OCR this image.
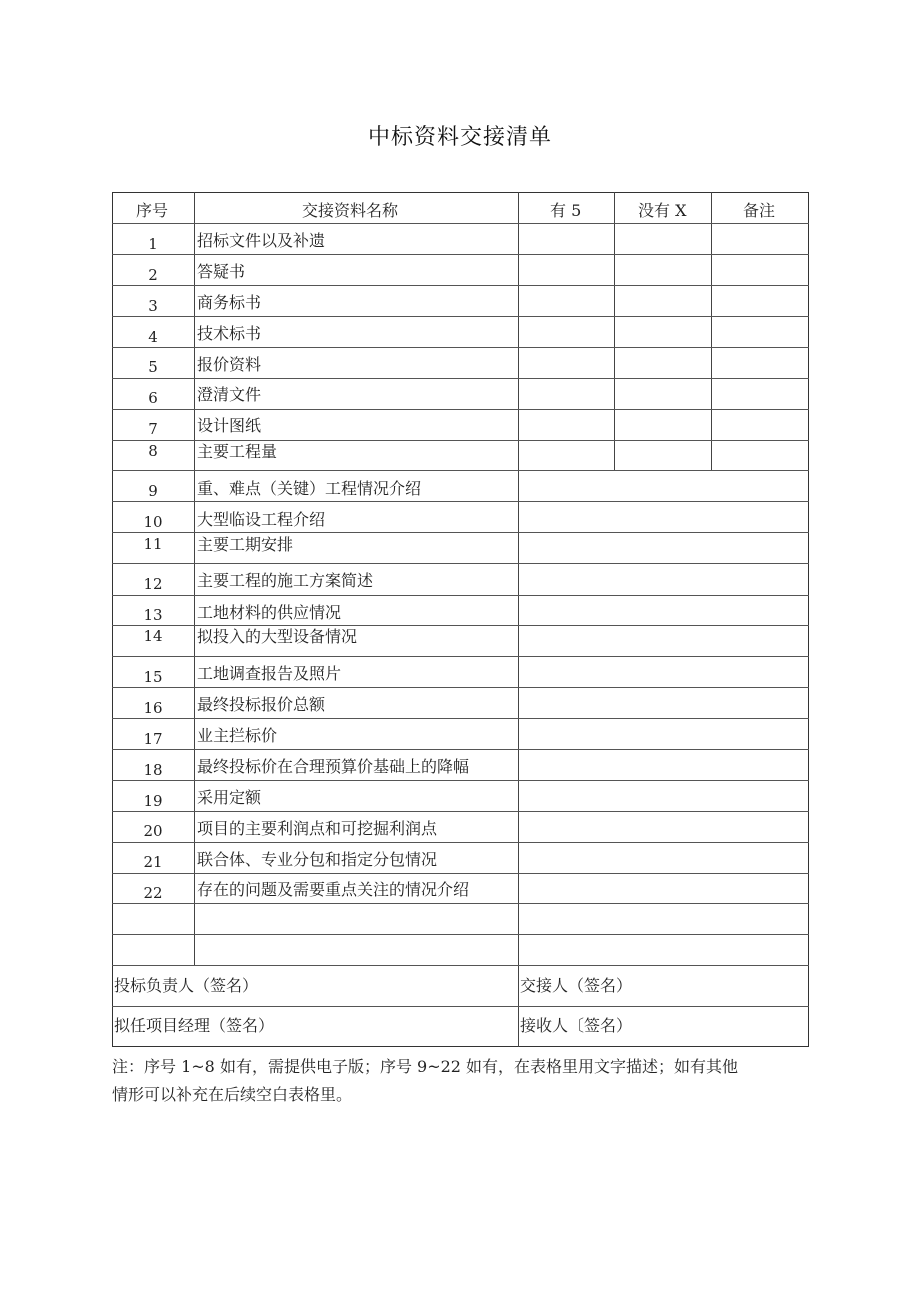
中标资料交接清单
序号	交接资料名称	有 5	没有 X	备注
1	招标文件以及补遗
2	答疑书
3	商务标书
4	技术标书
5	报价资料
6	澄清文件
7	设计图纸
8	主要工程量
9	重、难点（关键）工程情况介绍
10	大型临设工程介绍
11	主要工期安排
12	主要工程的施工方案简述
13	工地材料的供应情况
14	拟投入的大型设备情况
15	工地调查报告及照片
16	最终投标报价总额
17	业主拦标价
18	最终投标价在合理预算价基础上的降幅
19	采用定额
20	项目的主要利润点和可挖掘利润点
21	联合体、专业分包和指定分包情况
22	存在的问题及需要重点关注的情况介绍
投标负责人（签名）	交接人（签名）
拟任项目经理（签名）	接收人〔签名）
注：序号 1~8 如有，需提供电子版；序号 9~22 如有，在表格里用文字描述；如有其他
情形可以补充在后续空白表格里。
